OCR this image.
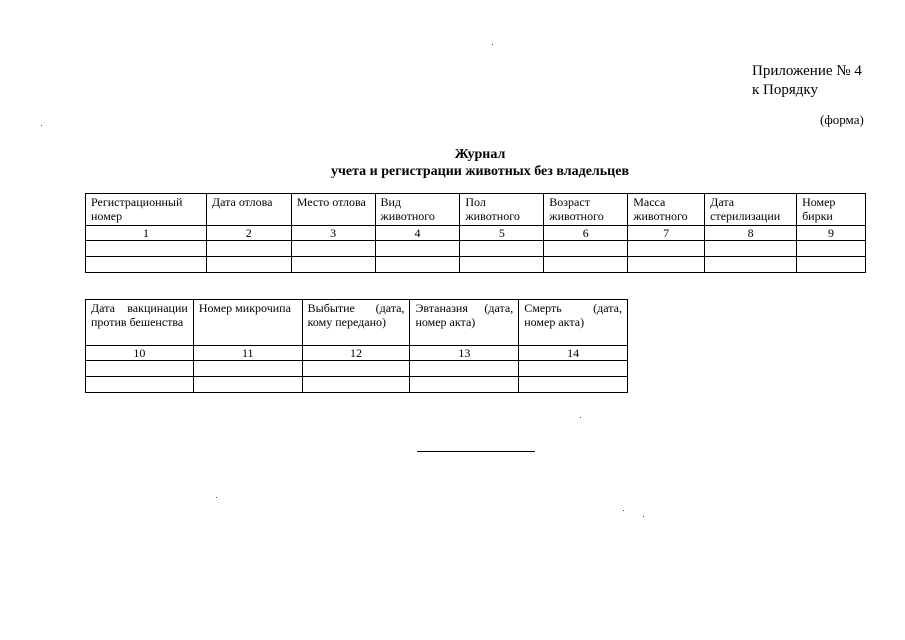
Приложение № 4
к Порядку
(форма)
Журнал
учета и регистрации животных без владельцев
Регистрационный номер	Дата отлова	Место отлова	Вид животного	Пол животного	Возраст животного	Масса животного	Дата стерилизации	Номер бирки
1	2	3	4	5	6	7	8	9

Дата вакцинации против бешенства	Номер микрочипа	Выбытие (дата, кому передано)	Эвтаназия (дата, номер акта)	Смерть (дата, номер акта)
10	11	12	13	14
